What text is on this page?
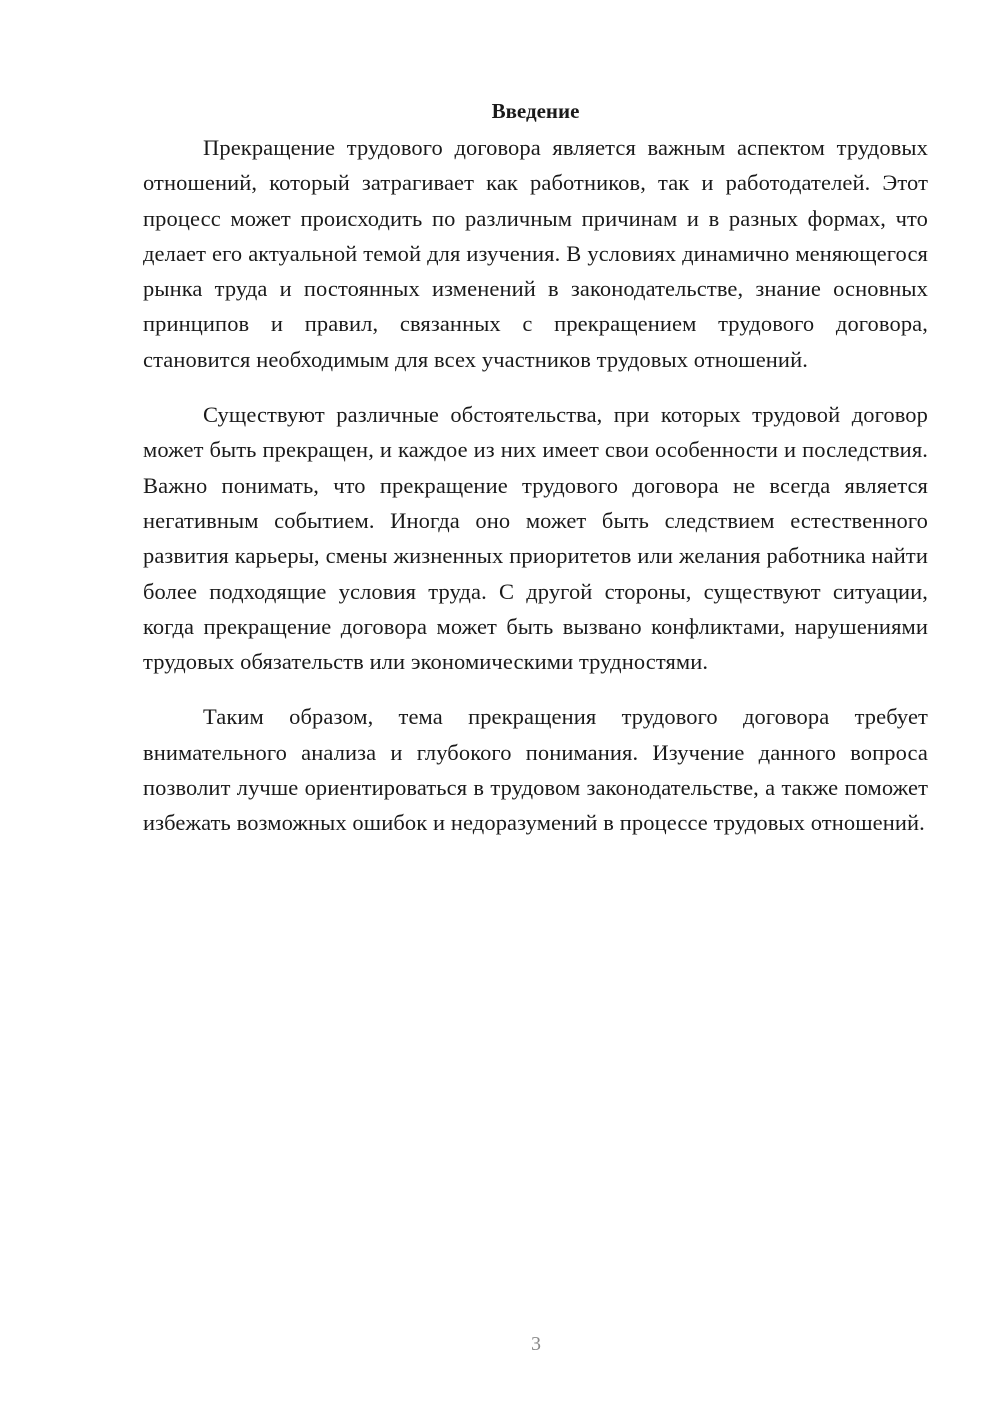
Введение

Прекращение трудового договора является важным аспектом трудовых отношений, который затрагивает как работников, так и работодателей. Этот процесс может происходить по различным причинам и в разных формах, что делает его актуальной темой для изучения. В условиях динамично меняющегося рынка труда и постоянных изменений в законодательстве, знание основных принципов и правил, связанных с прекращением трудового договора, становится необходимым для всех участников трудовых отношений.

Существуют различные обстоятельства, при которых трудовой договор может быть прекращен, и каждое из них имеет свои особенности и последствия. Важно понимать, что прекращение трудового договора не всегда является негативным событием. Иногда оно может быть следствием естественного развития карьеры, смены жизненных приоритетов или желания работника найти более подходящие условия труда. С другой стороны, существуют ситуации, когда прекращение договора может быть вызвано конфликтами, нарушениями трудовых обязательств или экономическими трудностями.

Таким образом, тема прекращения трудового договора требует внимательного анализа и глубокого понимания. Изучение данного вопроса позволит лучше ориентироваться в трудовом законодательстве, а также поможет избежать возможных ошибок и недоразумений в процессе трудовых отношений.

3
